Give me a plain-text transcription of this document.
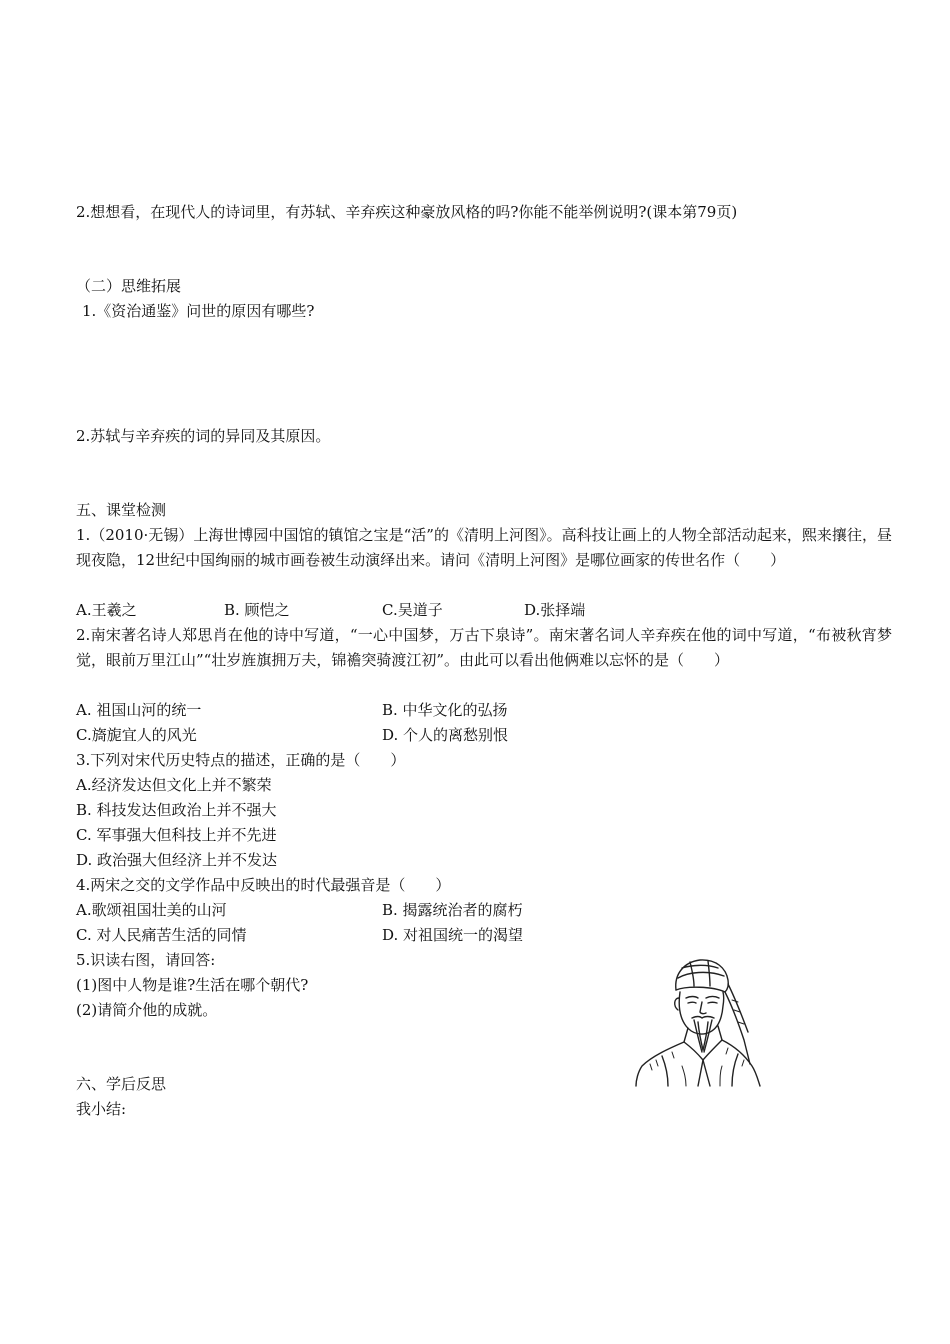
2.想想看，在现代人的诗词里，有苏轼、辛弃疾这种豪放风格的吗?你能不能举例说明?(课本第79页)
（二）思维拓展
1.《资治通鉴》问世的原因有哪些?
2.苏轼与辛弃疾的词的异同及其原因。
五、课堂检测
1.（2010·无锡）上海世博园中国馆的镇馆之宝是“活”的《清明上河图》。高科技让画上的人物全部活动起来，熙来攘往，昼现夜隐，12世纪中国绚丽的城市画卷被生动演绎出来。请问《清明上河图》是哪位画家的传世名作（　　）
A.王羲之	B. 顾恺之	C.吴道子	D.张择端
2.南宋著名诗人郑思肖在他的诗中写道，“一心中国梦，万古下泉诗”。南宋著名词人辛弃疾在他的词中写道，“布被秋宵梦觉，眼前万里江山”“壮岁旌旗拥万夫，锦襜突骑渡江初”。由此可以看出他俩难以忘怀的是（　　）
A. 祖国山河的统一	B. 中华文化的弘扬
C.旖旎宜人的风光	D. 个人的离愁别恨
3.下列对宋代历史特点的描述，正确的是（　　）
A.经济发达但文化上并不繁荣
B. 科技发达但政治上并不强大
C. 军事强大但科技上并不先进
D. 政治强大但经济上并不发达
4.两宋之交的文学作品中反映出的时代最强音是（　　）
A.歌颂祖国壮美的山河	B. 揭露统治者的腐朽
C. 对人民痛苦生活的同情	D. 对祖国统一的渴望
5.识读右图，请回答:
(1)图中人物是谁?生活在哪个朝代?
(2)请简介他的成就。
六、学后反思
我小结:
